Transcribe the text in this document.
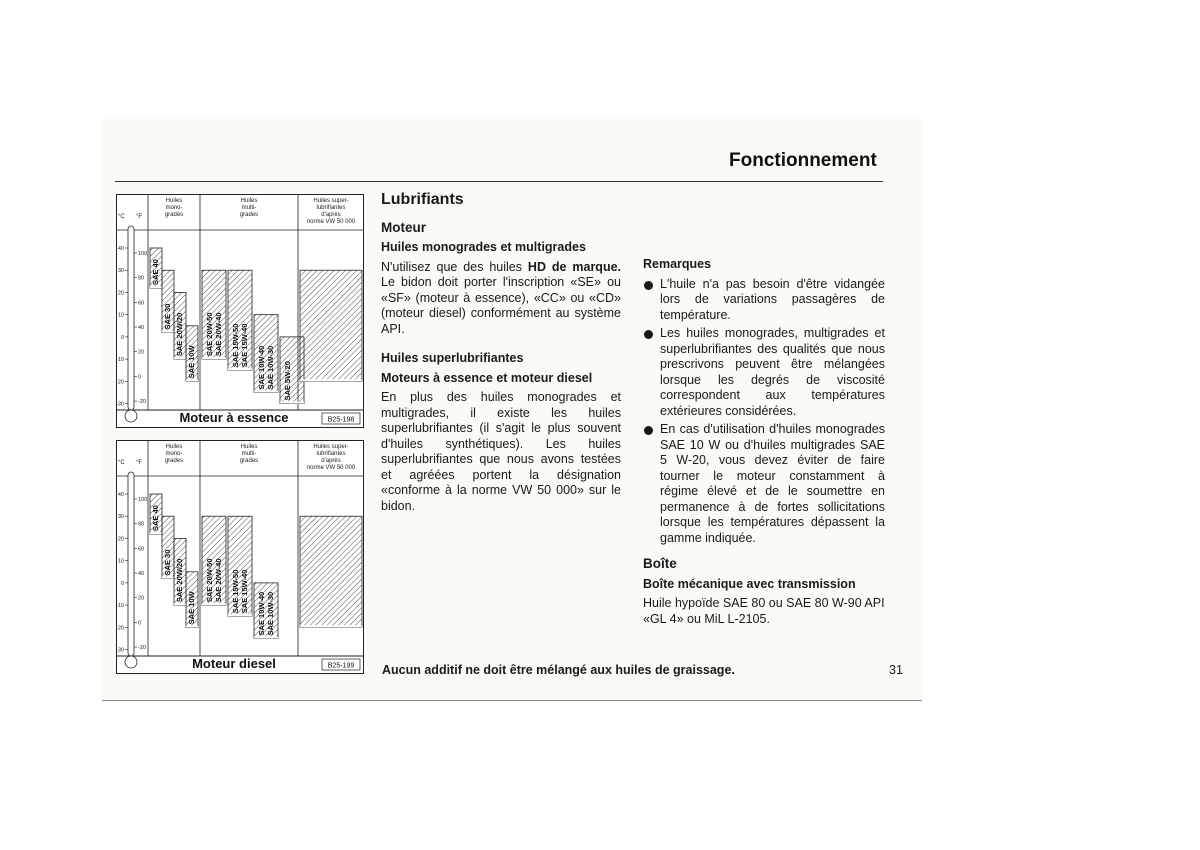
Fonctionnement
Huiles
mono-
grades
Huiles
multi-
grades
Huiles super-
lubrifiantes
d'après
norme VW 50 000
°C °F
40
30
20
10
0
-10
-20
-30
100
80
60
40
20
0
-20
SAE 40
SAE 30 SAE 20W/20
SAE 10W
SAE 20W-50 SAE 20W-40 SAE 15W-50 SAE 15W-40
SAE 10W-40 SAE 10W-30 SAE 5W-20
Moteur à essence	B25-198
Huiles
mono-
grades
Huiles
multi-
grades
Huiles super-
lubrifiantes
d'après
norme VW 50 000
°C °F
40
30
20
10
0
-10
-20
-30
100
80
60
40
20
0
-20
SAE 40
SAE 30 SAE 20W/20
SAE 10W
SAE 20W-50 SAE 20W-40 SAE 15W-50 SAE 15W-40
SAE 10W-40 SAE 10W-30
Moteur diesel	B25-199
Lubrifiants
Moteur
Huiles monogrades et multigrades

N'utilisez que des huiles HD de marque. Le bidon doit porter l'inscription «SE» ou «SF» (moteur à essence), «CC» ou «CD» (moteur diesel) conformément au système API.

Huiles superlubrifiantes
Moteurs à essence et moteur diesel

En plus des huiles monogrades et multigrades, il existe les huiles superlubrifiantes (il s'agit le plus souvent d'huiles synthétiques). Les huiles superlubrifiantes que nous avons testées et agréées portent la désignation «conforme à la norme VW 50 000» sur le bidon.

Remarques
L'huile n'a pas besoin d'être vidangée lors de variations passagères de température.
Les huiles monogrades, multigrades et superlubrifiantes des qualités que nous prescrivons peuvent être mélangées lorsque les degrés de viscosité correspondent aux températures extérieures considérées.
En cas d'utilisation d'huiles monogrades SAE 10 W ou d'huiles multigrades SAE 5 W-20, vous devez éviter de faire tourner le moteur constamment à régime élevé et de le soumettre en permanence à de fortes sollicitations lorsque les températures dépassent la gamme indiquée.
Boîte
Boîte mécanique avec transmission

Huile hypoïde SAE 80 ou SAE 80 W-90 API «GL 4» ou MiL L-2105.

Aucun additif ne doit être mélangé aux huiles de graissage.	31
